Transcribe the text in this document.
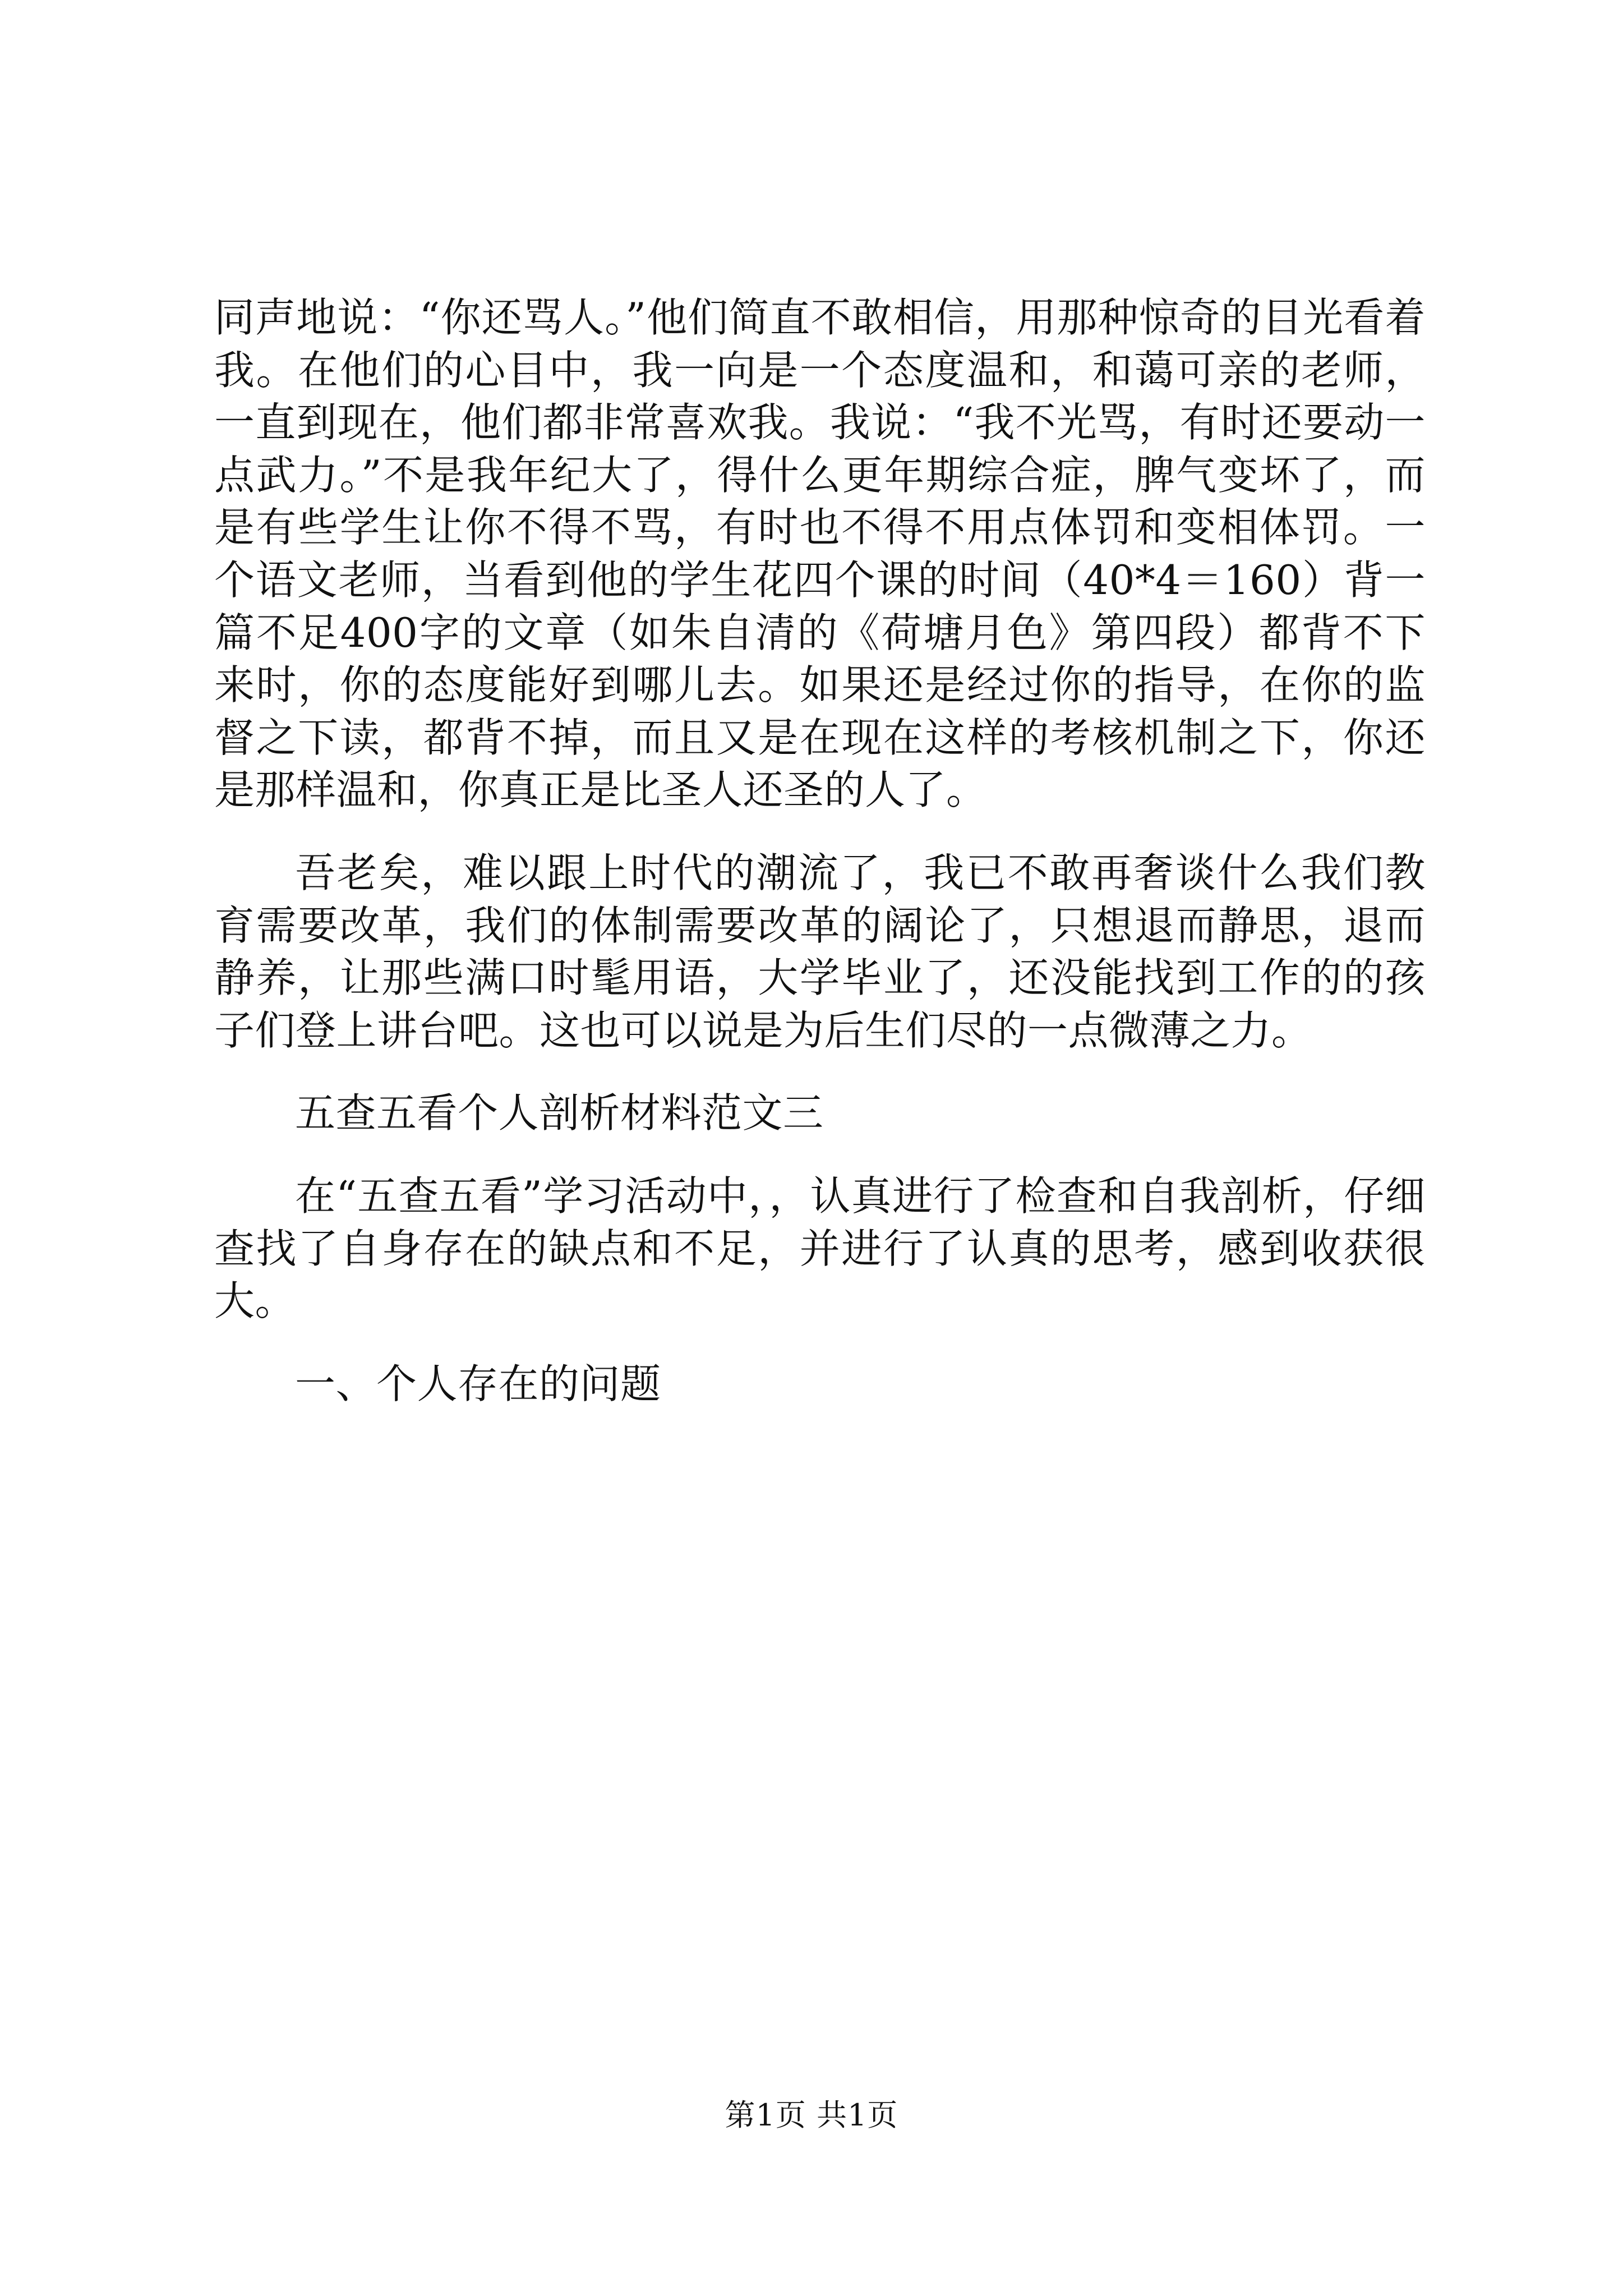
同声地说：“你还骂人。”他们简直不敢相信，用那种惊奇的目光看着我。在他们的心目中，我一向是一个态度温和，和蔼可亲的老师，一直到现在，他们都非常喜欢我。我说：“我不光骂，有时还要动一点武力。”不是我年纪大了，得什么更年期综合症，脾气变坏了，而是有些学生让你不得不骂，有时也不得不用点体罚和变相体罚。一个语文老师，当看到他的学生花四个课的时间（40*4＝160）背一篇不足400字的文章（如朱自清的《荷塘月色》第四段）都背不下来时，你的态度能好到哪儿去。如果还是经过你的指导，在你的监督之下读，都背不掉，而且又是在现在这样的考核机制之下，你还是那样温和，你真正是比圣人还圣的人了。

吾老矣，难以跟上时代的潮流了，我已不敢再奢谈什么我们教育需要改革，我们的体制需要改革的阔论了，只想退而静思，退而静养，让那些满口时髦用语，大学毕业了，还没能找到工作的的孩子们登上讲台吧。这也可以说是为后生们尽的一点微薄之力。

五查五看个人剖析材料范文三

在“五查五看”学习活动中，，认真进行了检查和自我剖析，仔细查找了自身存在的缺点和不足，并进行了认真的思考，感到收获很大。

一、个人存在的问题

第1页 共1页
